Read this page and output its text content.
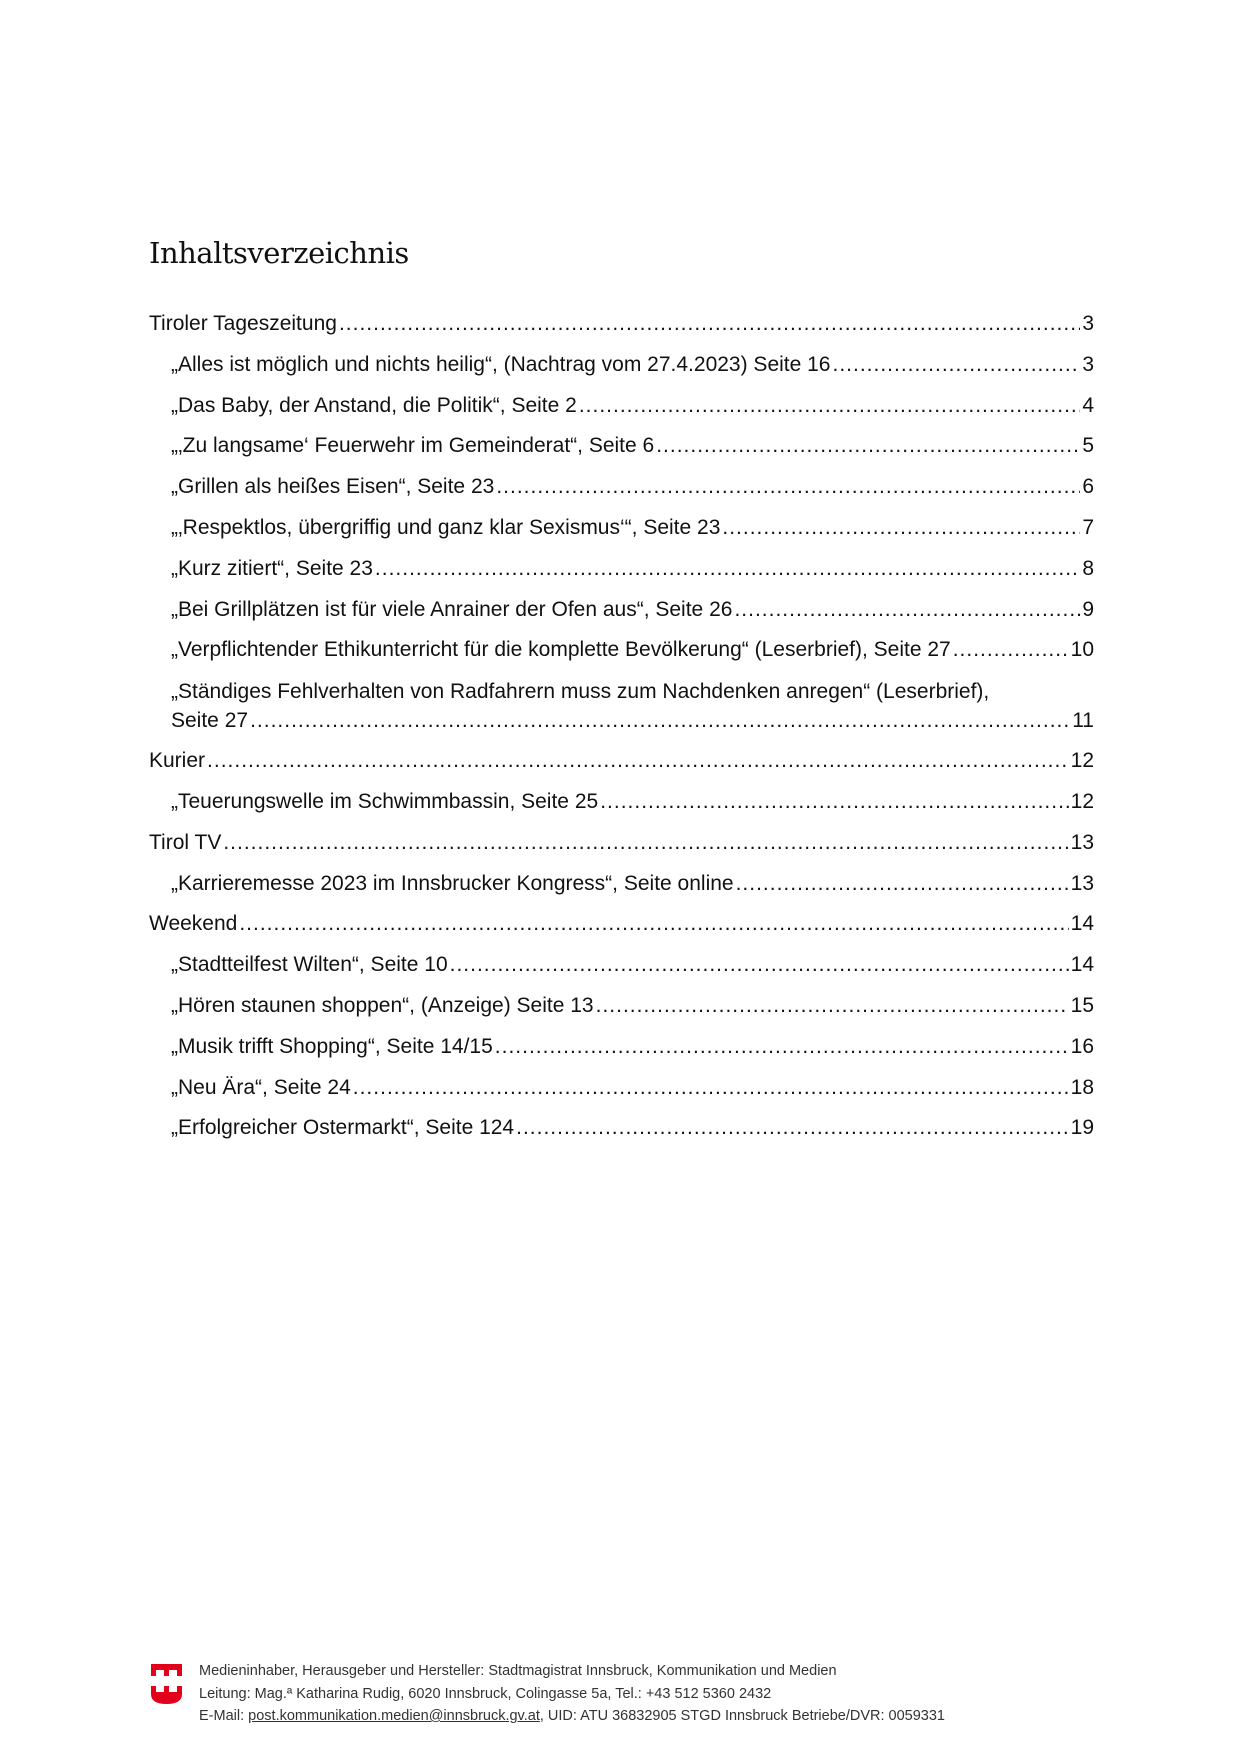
Inhaltsverzeichnis
Tiroler Tageszeitung .....	3
„Alles ist möglich und nichts heilig“, (Nachtrag vom 27.4.2023) Seite 16 .....	3
„Das Baby, der Anstand, die Politik“, Seite 2 .....	4
„‚Zu langsame‘ Feuerwehr im Gemeinderat“, Seite 6 .....	5
„Grillen als heißes Eisen“, Seite 23 .....	6
„‚Respektlos, übergriffig und ganz klar Sexismus‘“, Seite 23 .....	7
„Kurz zitiert“, Seite 23 .....	8
„Bei Grillplätzen ist für viele Anrainer der Ofen aus“, Seite 26 .....	9
„Verpflichtender Ethikunterricht für die komplette Bevölkerung“ (Leserbrief), Seite 27 .....	10
„Ständiges Fehlverhalten von Radfahrern muss zum Nachdenken anregen“ (Leserbrief),
Seite 27 .....	11
Kurier .....	12
„Teuerungswelle im Schwimmbassin, Seite 25 .....	12
Tirol TV .....	13
„Karrieremesse 2023 im Innsbrucker Kongress“, Seite online .....	13
Weekend .....	14
„Stadtteilfest Wilten“, Seite 10 .....	14
„Hören staunen shoppen“, (Anzeige) Seite 13 .....	15
„Musik trifft Shopping“, Seite 14/15 .....	16
„Neu Ära“, Seite 24 .....	18
„Erfolgreicher Ostermarkt“, Seite 124 .....	19
Medieninhaber, Herausgeber und Hersteller: Stadtmagistrat Innsbruck, Kommunikation und Medien
Leitung: Mag.ª Katharina Rudig, 6020 Innsbruck, Colingasse 5a, Tel.: +43 512 5360 2432
E-Mail: post.kommunikation.medien@innsbruck.gv.at, UID: ATU 36832905 STGD Innsbruck Betriebe/DVR: 0059331
